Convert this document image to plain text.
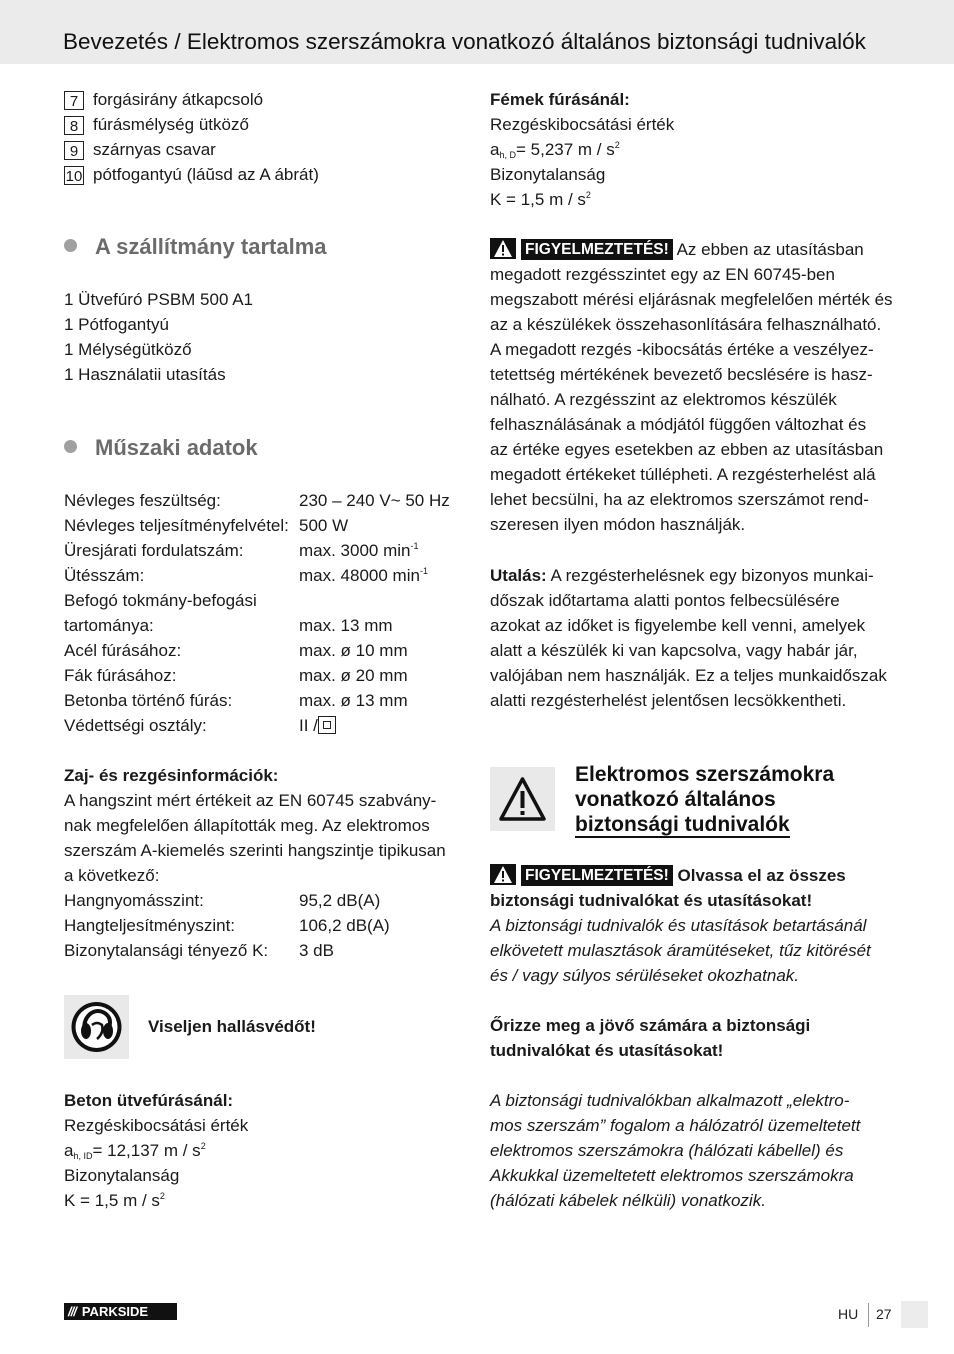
Bevezetés / Elektromos szerszámokra vonatkozó általános biztonsági tudnivalók
7 forgásirány átkapcsoló
8 fúrásmélység ütköző
9 szárnyas csavar
10 pótfogantyú (láŭsd az A ábrát)
A szállítmány tartalma
1 Ütvefúró PSBM 500 A1
1 Pótfogantyú
1 Mélységütköző
1 Használatii utasítás
Műszaki adatok
Névleges feszültség:	230 – 240 V~ 50 Hz
Névleges teljesítményfelvétel: 500 W
Üresjárati fordulatszám:	max. 3000 $\min^{-1}$
Ütésszám:	max. 48000 $\min^{-1}$
Befogó tokmány-befogási
tartománya:	max. 13 mm
Acél fúrásához:	max. ø 10 mm
Fák fúrásához:	max. ø 20 mm
Betonba történő fúrás:	max. ø 13 mm
Védettségi osztály:	II /
Zaj- és rezgésinformációk:
A hangszint mért értékeit az EN 60745 szabvány-
nak megfelelően állapították meg. Az elektromos
szerszám A-kiemelés szerinti hangszintje tipikusan
a következő:
Hangnyomásszint:	95,2 dB(A)
Hangteljesítményszint:	106,2 dB(A)
Bizonytalansági tényező K: 3 dB
Viseljen hallásvédőt!
Beton ütvefúrásánál:
Rezgéskibocsátási érték
$a_{h, ID}= 12,137$ m / $s^2$
Bizonytalanság
K = 1,5 m / $s^2$
Fémek fúrásánál:
Rezgéskibocsátási érték
$a_{h, D}= 5,237$ m / $s^2$
Bizonytalanság
K = 1,5 m / $s^2$
FIGYELMEZTETÉS! Az ebben az utasításban
megadott rezgésszintet egy az EN 60745-ben
megszabott mérési eljárásnak megfelelően mérték és
az a készülékek összehasonlítására felhasználható.
A megadott rezgés -kibocsátás értéke a veszélyez-
tetettség mértékének bevezető becslésére is hasz-
nálható. A rezgésszint az elektromos készülék
felhasználásának a módjától függően változhat és
az értéke egyes esetekben az ebben az utasításban
megadott értékeket túllépheti. A rezgésterhelést alá
lehet becsülni, ha az elektromos szerszámot rend-
szeresen ilyen módon használják.
Utalás: A rezgésterhelésnek egy bizonyos munkai-
dőszak időtartama alatti pontos felbecsülésére
azokat az időket is figyelembe kell venni, amelyek
alatt a készülék ki van kapcsolva, vagy habár jár,
valójában nem használják. Ez a teljes munkaidőszak
alatti rezgésterhelést jelentősen lecsökkentheti.
Elektromos szerszámokra
vonatkozó általános
biztonsági tudnivalók
FIGYELMEZTETÉS! Olvassa el az összes
biztonsági tudnivalókat és utasításokat!
A biztonsági tudnivalók és utasítások betartásánál
elkövetett mulasztások áramütéseket, tűz kitörését
és / vagy súlyos sérüléseket okozhatnak.
Őrizze meg a jövő számára a biztonsági
tudnivalókat és utasításokat!
A biztonsági tudnivalókban alkalmazott „elektro-
mos szerszám” fogalom a hálózatról üzemeltetett
elektromos szerszámokra (hálózati kábellel) és
Akkukkal üzemeltetett elektromos szerszámokra
(hálózati kábelek nélküli) vonatkozik.
/// PARKSIDE	HU 27
